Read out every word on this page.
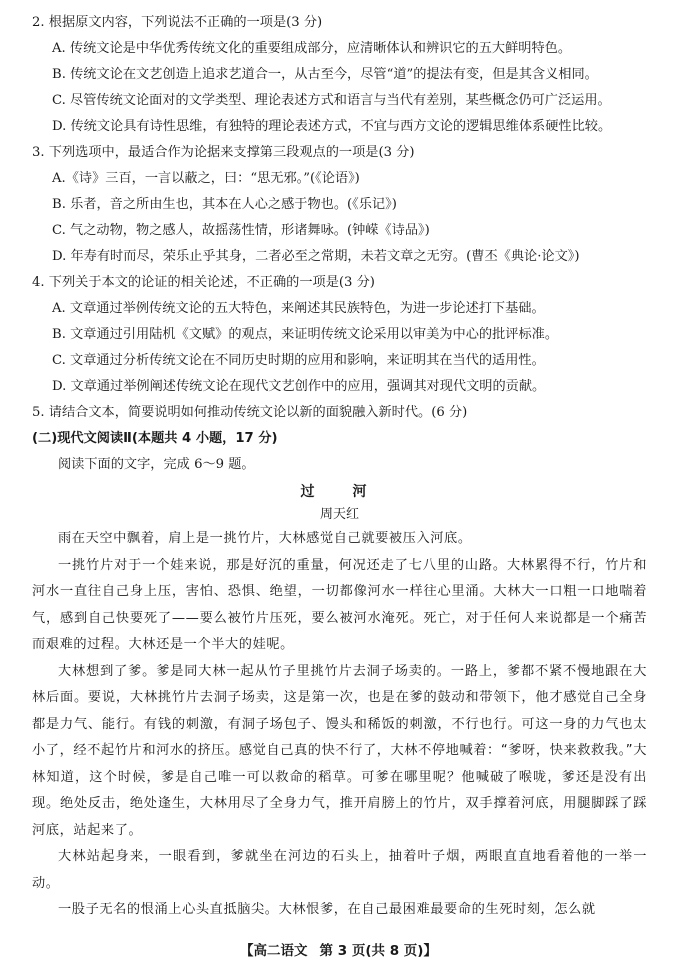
2. 根据原文内容，下列说法不正确的一项是(3 分)
A. 传统文论是中华优秀传统文化的重要组成部分，应清晰体认和辨识它的五大鲜明特色。
B. 传统文论在文艺创造上追求艺道合一，从古至今，尽管“道”的提法有变，但是其含义相同。
C. 尽管传统文论面对的文学类型、理论表述方式和语言与当代有差别，某些概念仍可广泛运用。
D. 传统文论具有诗性思维，有独特的理论表述方式，不宜与西方文论的逻辑思维体系硬性比较。
3. 下列选项中，最适合作为论据来支撑第三段观点的一项是(3 分)
A.《诗》三百，一言以蔽之，曰：“思无邪。”(《论语》)
B. 乐者，音之所由生也，其本在人心之感于物也。(《乐记》)
C. 气之动物，物之感人，故摇荡性情，形诸舞咏。(钟嵘《诗品》)
D. 年寿有时而尽，荣乐止乎其身，二者必至之常期，未若文章之无穷。(曹丕《典论·论文》)
4. 下列关于本文的论证的相关论述，不正确的一项是(3 分)
A. 文章通过举例传统文论的五大特色，来阐述其民族特色，为进一步论述打下基础。
B. 文章通过引用陆机《文赋》的观点，来证明传统文论采用以审美为中心的批评标准。
C. 文章通过分析传统文论在不同历史时期的应用和影响，来证明其在当代的适用性。
D. 文章通过举例阐述传统文论在现代文艺创作中的应用，强调其对现代文明的贡献。
5. 请结合文本，简要说明如何推动传统文论以新的面貌融入新时代。(6 分)
(二)现代文阅读Ⅱ(本题共 4 小题，17 分)
阅读下面的文字，完成 6～9 题。
过　河
周天红

雨在天空中飘着，肩上是一挑竹片，大林感觉自己就要被压入河底。

一挑竹片对于一个娃来说，那是好沉的重量，何况还走了七八里的山路。大林累得不行，竹片和河水一直往自己身上压，害怕、恐惧、绝望，一切都像河水一样往心里涌。大林大一口粗一口地喘着气，感到自己快要死了——要么被竹片压死，要么被河水淹死。死亡，对于任何人来说都是一个痛苦而艰难的过程。大林还是一个半大的娃呢。

大林想到了爹。爹是同大林一起从竹子里挑竹片去洞子场卖的。一路上，爹都不紧不慢地跟在大林后面。要说，大林挑竹片去洞子场卖，这是第一次，也是在爹的鼓动和带领下，他才感觉自己全身都是力气、能行。有钱的刺激，有洞子场包子、馒头和稀饭的刺激，不行也行。可这一身的力气也太小了，经不起竹片和河水的挤压。感觉自己真的快不行了，大林不停地喊着：“爹呀，快来救救我。”大林知道，这个时候，爹是自己唯一可以救命的稻草。可爹在哪里呢？他喊破了喉咙，爹还是没有出现。绝处反击，绝处逢生，大林用尽了全身力气，推开肩膀上的竹片，双手撑着河底，用腿脚踩了踩河底，站起来了。

大林站起身来，一眼看到，爹就坐在河边的石头上，抽着叶子烟，两眼直直地看着他的一举一动。

一股子无名的恨涌上心头直抵脑尖。大林恨爹，在自己最困难最要命的生死时刻，怎么就

【高二语文 第 3 页(共 8 页)】
